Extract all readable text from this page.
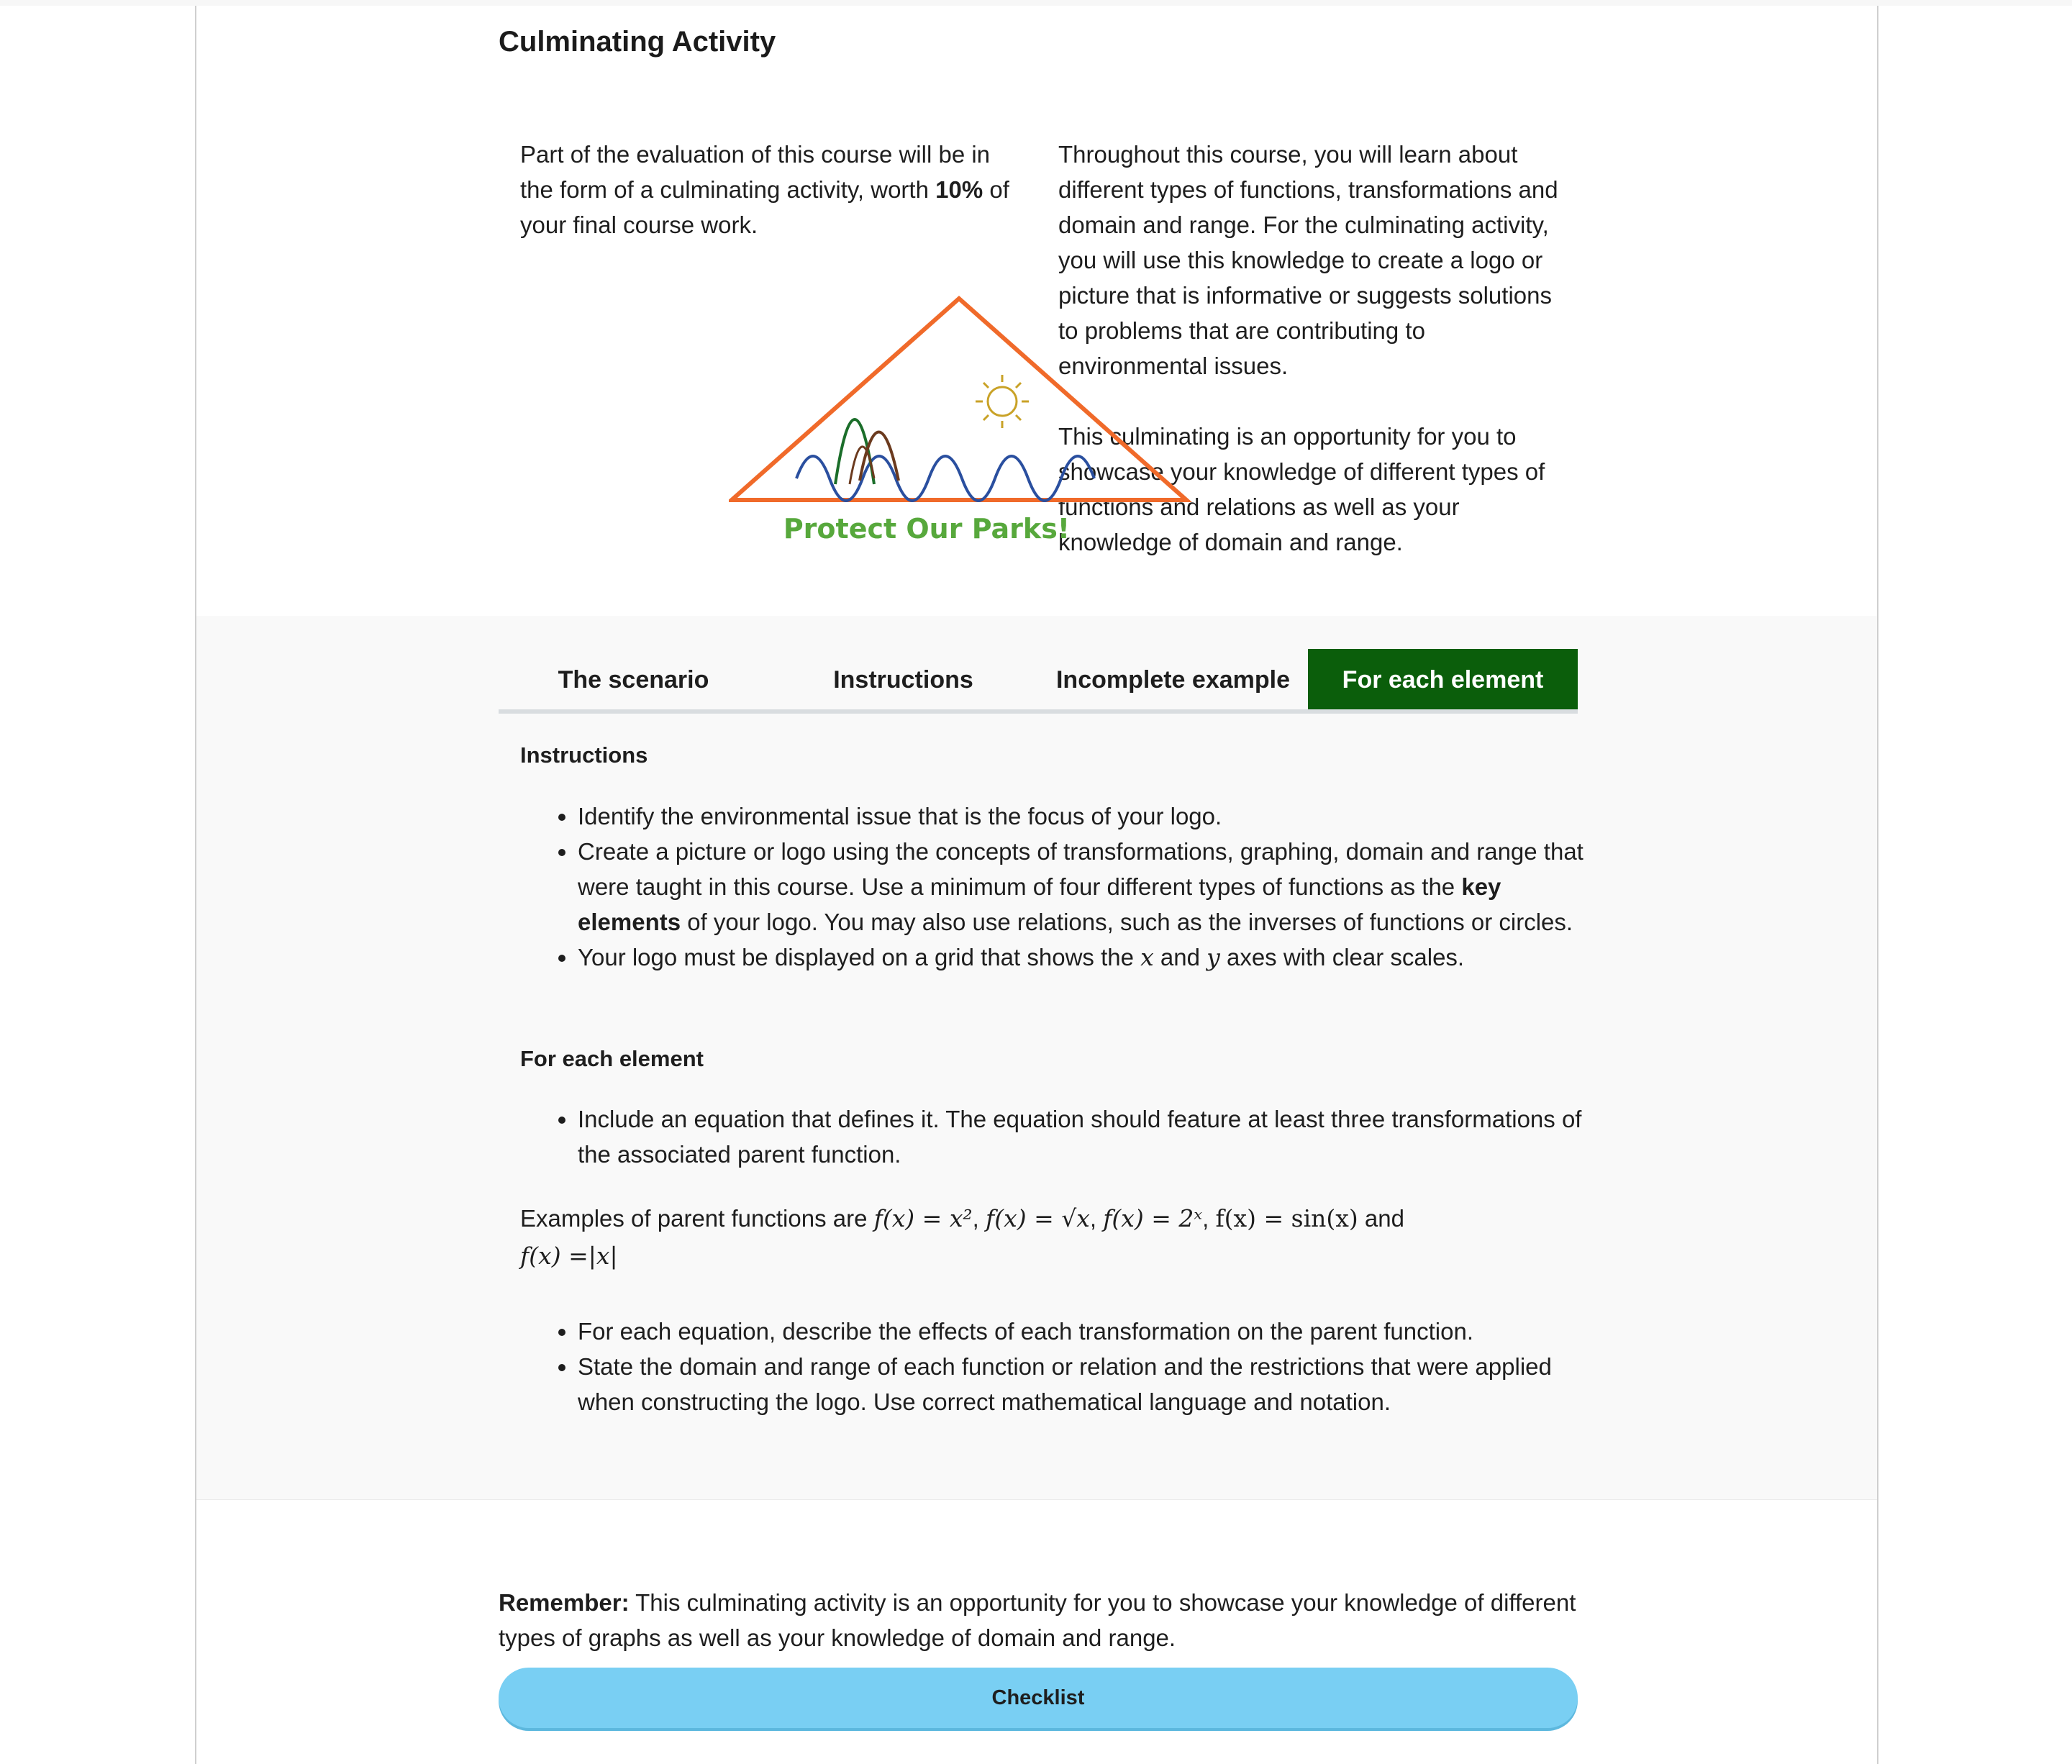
Culminating Activity

Part of the evaluation of this course will be in the form of a culminating activity, worth 10% of your final course work.

Throughout this course, you will learn about different types of functions, transformations and domain and range. For the culminating activity, you will use this knowledge to create a logo or picture that is informative or suggests solutions to problems that are contributing to environmental issues.

This culminating is an opportunity for you to showcase your knowledge of different types of functions and relations as well as your knowledge of domain and range.

Protect Our Parks!
The scenario	Instructions	Incomplete example	For each element
Instructions
• Identify the environmental issue that is the focus of your logo.
• Create a picture or logo using the concepts of transformations, graphing, domain and range that were taught in this course. Use a minimum of four different types of functions as the key elements of your logo. You may also use relations, such as the inverses of functions or circles.
• Your logo must be displayed on a grid that shows the x and y axes with clear scales.
For each element
• Include an equation that defines it. The equation should feature at least three transformations of the associated parent function.
Examples of parent functions are f(x) = x², f(x) = √x, f(x) = 2ˣ, f(x) = sin(x) and
f(x) =|x|
• For each equation, describe the effects of each transformation on the parent function.
• State the domain and range of each function or relation and the restrictions that were applied when constructing the logo. Use correct mathematical language and notation.

Remember: This culminating activity is an opportunity for you to showcase your knowledge of different types of graphs as well as your knowledge of domain and range.

Checklist
